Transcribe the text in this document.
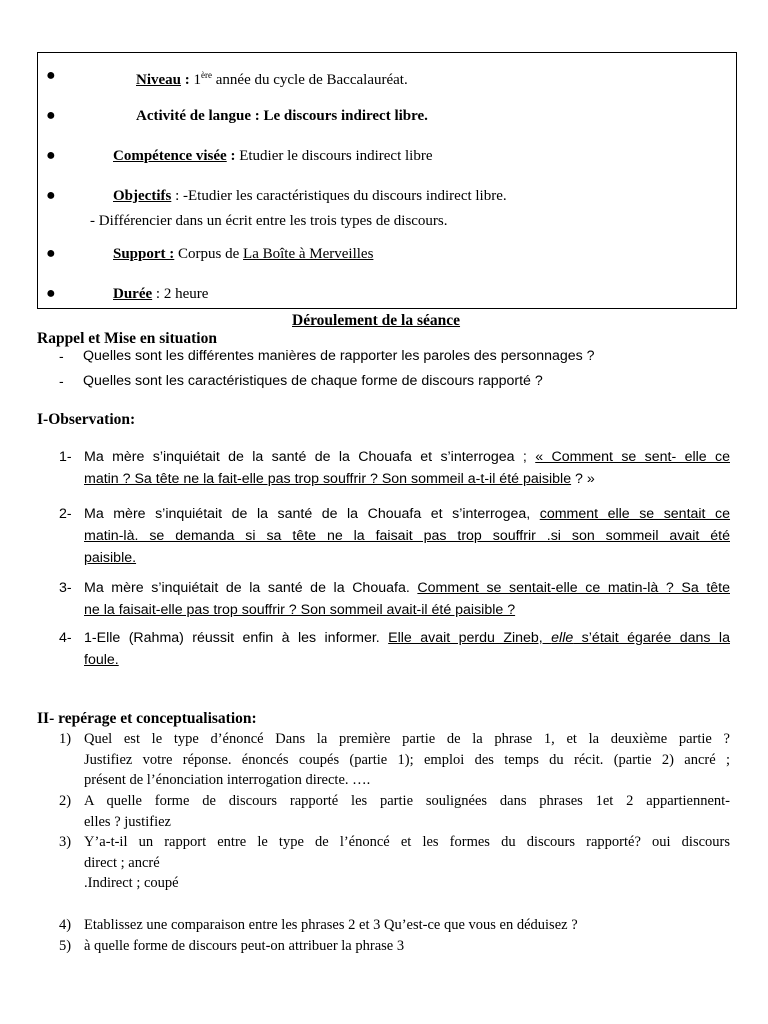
●	Niveau : 1ère année du cycle de Baccalauréat.
●	Activité de langue : Le discours indirect libre.
●	Compétence visée : Etudier le discours indirect libre
●	Objectifs : -Etudier les caractéristiques du discours indirect libre.
- Différencier dans un écrit entre les trois types de discours.
●	Support : Corpus de La Boîte à Merveilles
●	Durée : 2 heure
Déroulement de la séance
Rappel et Mise en situation
- Quelles sont les différentes manières de rapporter les paroles des personnages ?
- Quelles sont les caractéristiques de chaque forme de discours rapporté ?
I-Observation:
1- Ma mère s’inquiétait de la santé de la Chouafa et s’interrogea ; « Comment se sent- elle ce
matin ? Sa tête ne la fait-elle pas trop souffrir ? Son sommeil a-t-il été paisible ? »
2- Ma mère s’inquiétait de la santé de la Chouafa et s’interrogea, comment elle se sentait ce
matin-là. se demanda si sa tête ne la faisait pas trop souffrir .si son sommeil avait été
paisible.
3- Ma mère s’inquiétait de la santé de la Chouafa. Comment se sentait-elle ce matin-là ? Sa tête
ne la faisait-elle pas trop souffrir ? Son sommeil avait-il été paisible ?
4- 1-Elle (Rahma) réussit enfin à les informer. Elle avait perdu Zineb, elle s’était égarée dans la
foule.
II- repérage et conceptualisation:
1) Quel est le type d’énoncé Dans la première partie de la phrase 1, et la deuxième partie ?
Justifiez votre réponse. énoncés coupés (partie 1); emploi des temps du récit. (partie 2) ancré ;
présent de l’énonciation interrogation directe. ….
2) A quelle forme de discours rapporté les partie soulignées dans phrases 1et 2 appartiennent-
elles ? justifiez
3) Y’a-t-il un rapport entre le type de l’énoncé et les formes du discours rapporté? oui discours
direct ; ancré
.Indirect ; coupé
4) Etablissez une comparaison entre les phrases 2 et 3 Qu’est-ce que vous en déduisez ?
5) à quelle forme de discours peut-on attribuer la phrase 3
